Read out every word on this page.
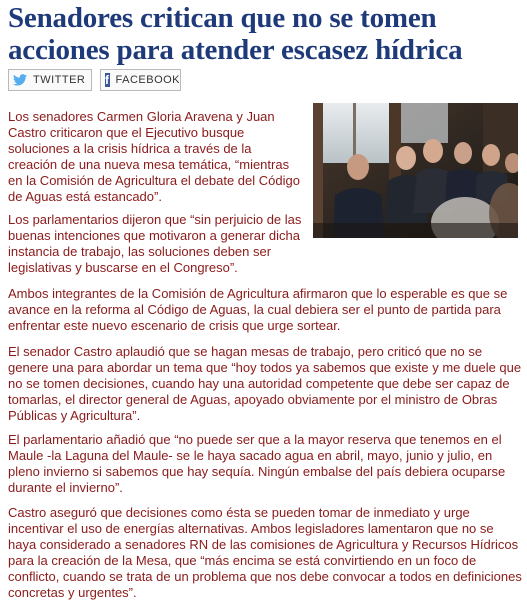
Senadores critican que no se tomen acciones para atender escasez hídrica
TWITTER f FACEBOOK

Los senadores Carmen Gloria Aravena y Juan Castro criticaron que el Ejecutivo busque soluciones a la crisis hídrica a través de la creación de una nueva mesa temática, “mientras en la Comisión de Agricultura el debate del Código de Aguas está estancado”.

Los parlamentarios dijeron que “sin perjuicio de las buenas intenciones que motivaron a generar dicha instancia de trabajo, las soluciones deben ser legislativas y buscarse en el Congreso”.

Ambos integrantes de la Comisión de Agricultura afirmaron que lo esperable es que se avance en la reforma al Código de Aguas, la cual debiera ser el punto de partida para enfrentar este nuevo escenario de crisis que urge sortear.

El senador Castro aplaudió que se hagan mesas de trabajo, pero criticó que no se genere una para abordar un tema que “hoy todos ya sabemos que existe y me duele que no se tomen decisiones, cuando hay una autoridad competente que debe ser capaz de tomarlas, el director general de Aguas, apoyado obviamente por el ministro de Obras Públicas y Agricultura”.

El parlamentario añadió que “no puede ser que a la mayor reserva que tenemos en el Maule -la Laguna del Maule- se le haya sacado agua en abril, mayo, junio y julio, en pleno invierno si sabemos que hay sequía. Ningún embalse del país debiera ocuparse durante el invierno”.

Castro aseguró que decisiones como ésta se pueden tomar de inmediato y urge incentivar el uso de energías alternativas. Ambos legisladores lamentaron que no se haya considerado a senadores RN de las comisiones de Agricultura y Recursos Hídricos para la creación de la Mesa, que “más encima se está convirtiendo en un foco de conflicto, cuando se trata de un problema que nos debe convocar a todos en definiciones concretas y urgentes”.
